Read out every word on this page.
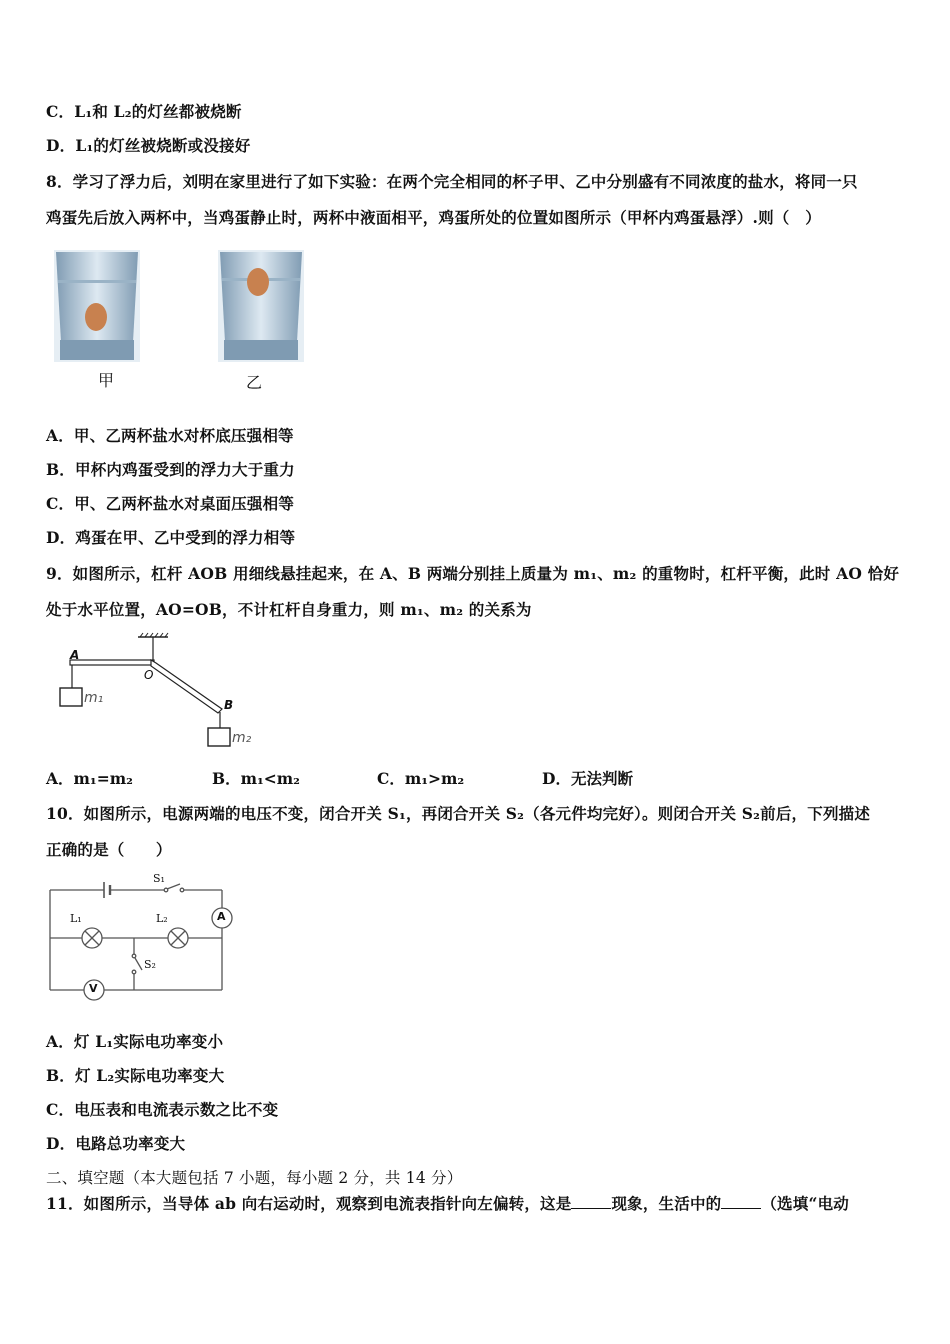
C．L₁和 L₂的灯丝都被烧断
D．L₁的灯丝被烧断或没接好
8．学习了浮力后，刘明在家里进行了如下实验：在两个完全相同的杯子甲、乙中分别盛有不同浓度的盐水，将同一只
鸡蛋先后放入两杯中，当鸡蛋静止时，两杯中液面相平，鸡蛋所处的位置如图所示（甲杯内鸡蛋悬浮）.则（　）
甲	乙
A．甲、乙两杯盐水对杯底压强相等
B．甲杯内鸡蛋受到的浮力大于重力
C．甲、乙两杯盐水对桌面压强相等
D．鸡蛋在甲、乙中受到的浮力相等
9．如图所示，杠杆 AOB 用细线悬挂起来，在 A、B 两端分别挂上质量为 m₁、m₂ 的重物时，杠杆平衡，此时 AO 恰好
处于水平位置，AO=OB，不计杠杆自身重力，则 m₁、m₂ 的关系为
A
O
B
m₁
m₂
A．m₁=m₂	B．m₁<m₂	C．m₁>m₂	D．无法判断
10．如图所示，电源两端的电压不变，闭合开关 S₁，再闭合开关 S₂（各元件均完好）。则闭合开关 S₂前后，下列描述
正确的是（　　）
S₁
S₂
L₁	L₂	A
V
A．灯 L₁实际电功率变小
B．灯 L₂实际电功率变大
C．电压表和电流表示数之比不变
D．电路总功率变大
二、填空题（本大题包括 7 小题，每小题 2 分，共 14 分）
11．如图所示，当导体 ab 向右运动时，观察到电流表指针向左偏转，这是	现象，生活中的	（选填“电动
